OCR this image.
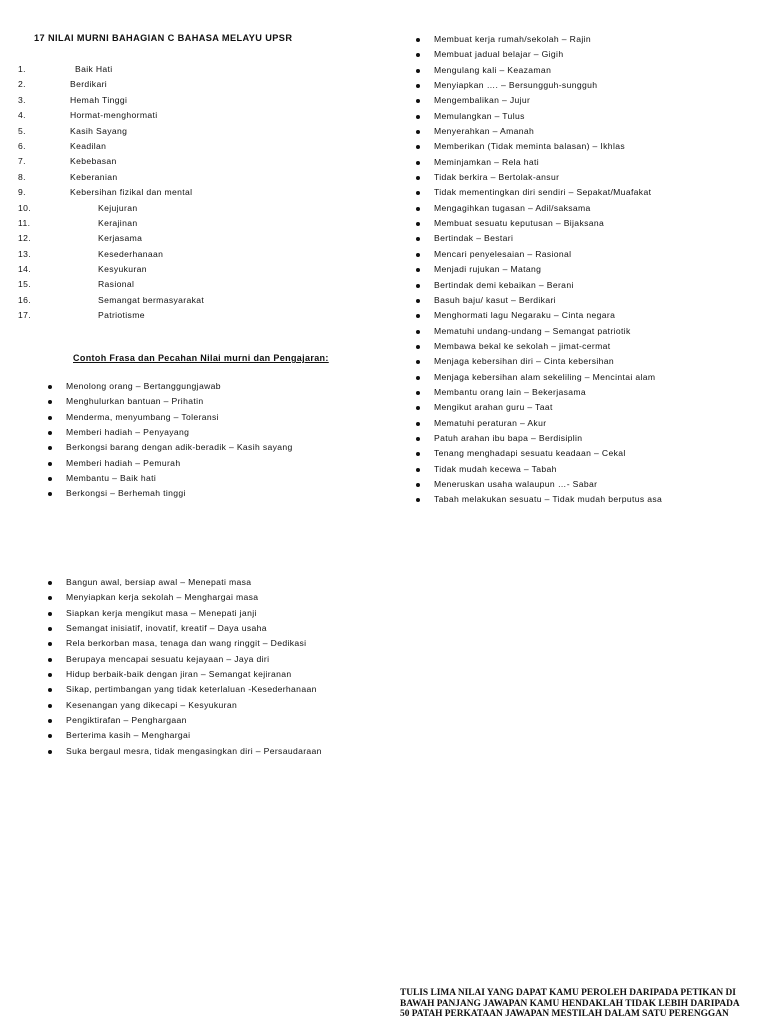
17 NILAI MURNI BAHAGIAN C BAHASA MELAYU UPSR
1.	Baik Hati
2.	Berdikari
3.	Hemah Tinggi
4.	Hormat-menghormati
5.	Kasih Sayang
6.	Keadilan
7.	Kebebasan
8.	Keberanian
9.	Kebersihan fizikal dan mental
10.	Kejujuran
11.	Kerajinan
12.	Kerjasama
13.	Kesederhanaan
14.	Kesyukuran
15.	Rasional
16.	Semangat bermasyarakat
17.	Patriotisme
Contoh Frasa dan Pecahan Nilai murni dan Pengajaran:
Menolong orang – Bertanggungjawab
Menghulurkan bantuan – Prihatin
Menderma, menyumbang – Toleransi
Memberi hadiah – Penyayang
Berkongsi barang dengan adik-beradik – Kasih sayang
Memberi hadiah – Pemurah
Membantu – Baik hati
Berkongsi – Berhemah tinggi
Bangun awal, bersiap awal – Menepati masa
Menyiapkan kerja sekolah – Menghargai masa
Siapkan kerja mengikut masa – Menepati janji
Semangat inisiatif, inovatif, kreatif – Daya usaha
Rela berkorban masa, tenaga dan wang ringgit – Dedikasi
Berupaya mencapai sesuatu kejayaan – Jaya diri
Hidup berbaik-baik dengan jiran – Semangat kejiranan
Sikap, pertimbangan yang tidak keterlaluan -Kesederhanaan
Kesenangan yang dikecapi – Kesyukuran
Pengiktirafan – Penghargaan
Berterima kasih – Menghargai
Suka bergaul mesra, tidak mengasingkan diri – Persaudaraan
Membuat kerja rumah/sekolah – Rajin
Membuat jadual belajar – Gigih
Mengulang kali – Keazaman
Menyiapkan …. – Bersungguh-sungguh
Mengembalikan – Jujur
Memulangkan – Tulus
Menyerahkan – Amanah
Memberikan (Tidak meminta balasan) – Ikhlas
Meminjamkan – Rela hati
Tidak berkira – Bertolak-ansur
Tidak mementingkan diri sendiri – Sepakat/Muafakat
Mengagihkan tugasan – Adil/saksama
Membuat sesuatu keputusan – Bijaksana
Bertindak – Bestari
Mencari penyelesaian – Rasional
Menjadi rujukan – Matang
Bertindak demi kebaikan – Berani
Basuh baju/ kasut – Berdikari
Menghormati lagu Negaraku – Cinta negara
Mematuhi undang-undang – Semangat patriotik
Membawa bekal ke sekolah – jimat-cermat
Menjaga kebersihan diri – Cinta kebersihan
Menjaga kebersihan alam sekeliling – Mencintai alam
Membantu orang lain – Bekerjasama
Mengikut arahan guru – Taat
Mematuhi peraturan – Akur
Patuh arahan ibu bapa – Berdisiplin
Tenang menghadapi sesuatu keadaan – Cekal
Tidak mudah kecewa – Tabah
Meneruskan usaha walaupun …- Sabar
Tabah melakukan sesuatu – Tidak mudah berputus asa
TULIS LIMA NILAI YANG DAPAT KAMU PEROLEH DARIPADA PETIKAN DI BAWAH PANJANG JAWAPAN KAMU HENDAKLAH TIDAK LEBIH DARIPADA 50 PATAH PERKATAAN JAWAPAN MESTILAH DALAM SATU PERENGGAN
